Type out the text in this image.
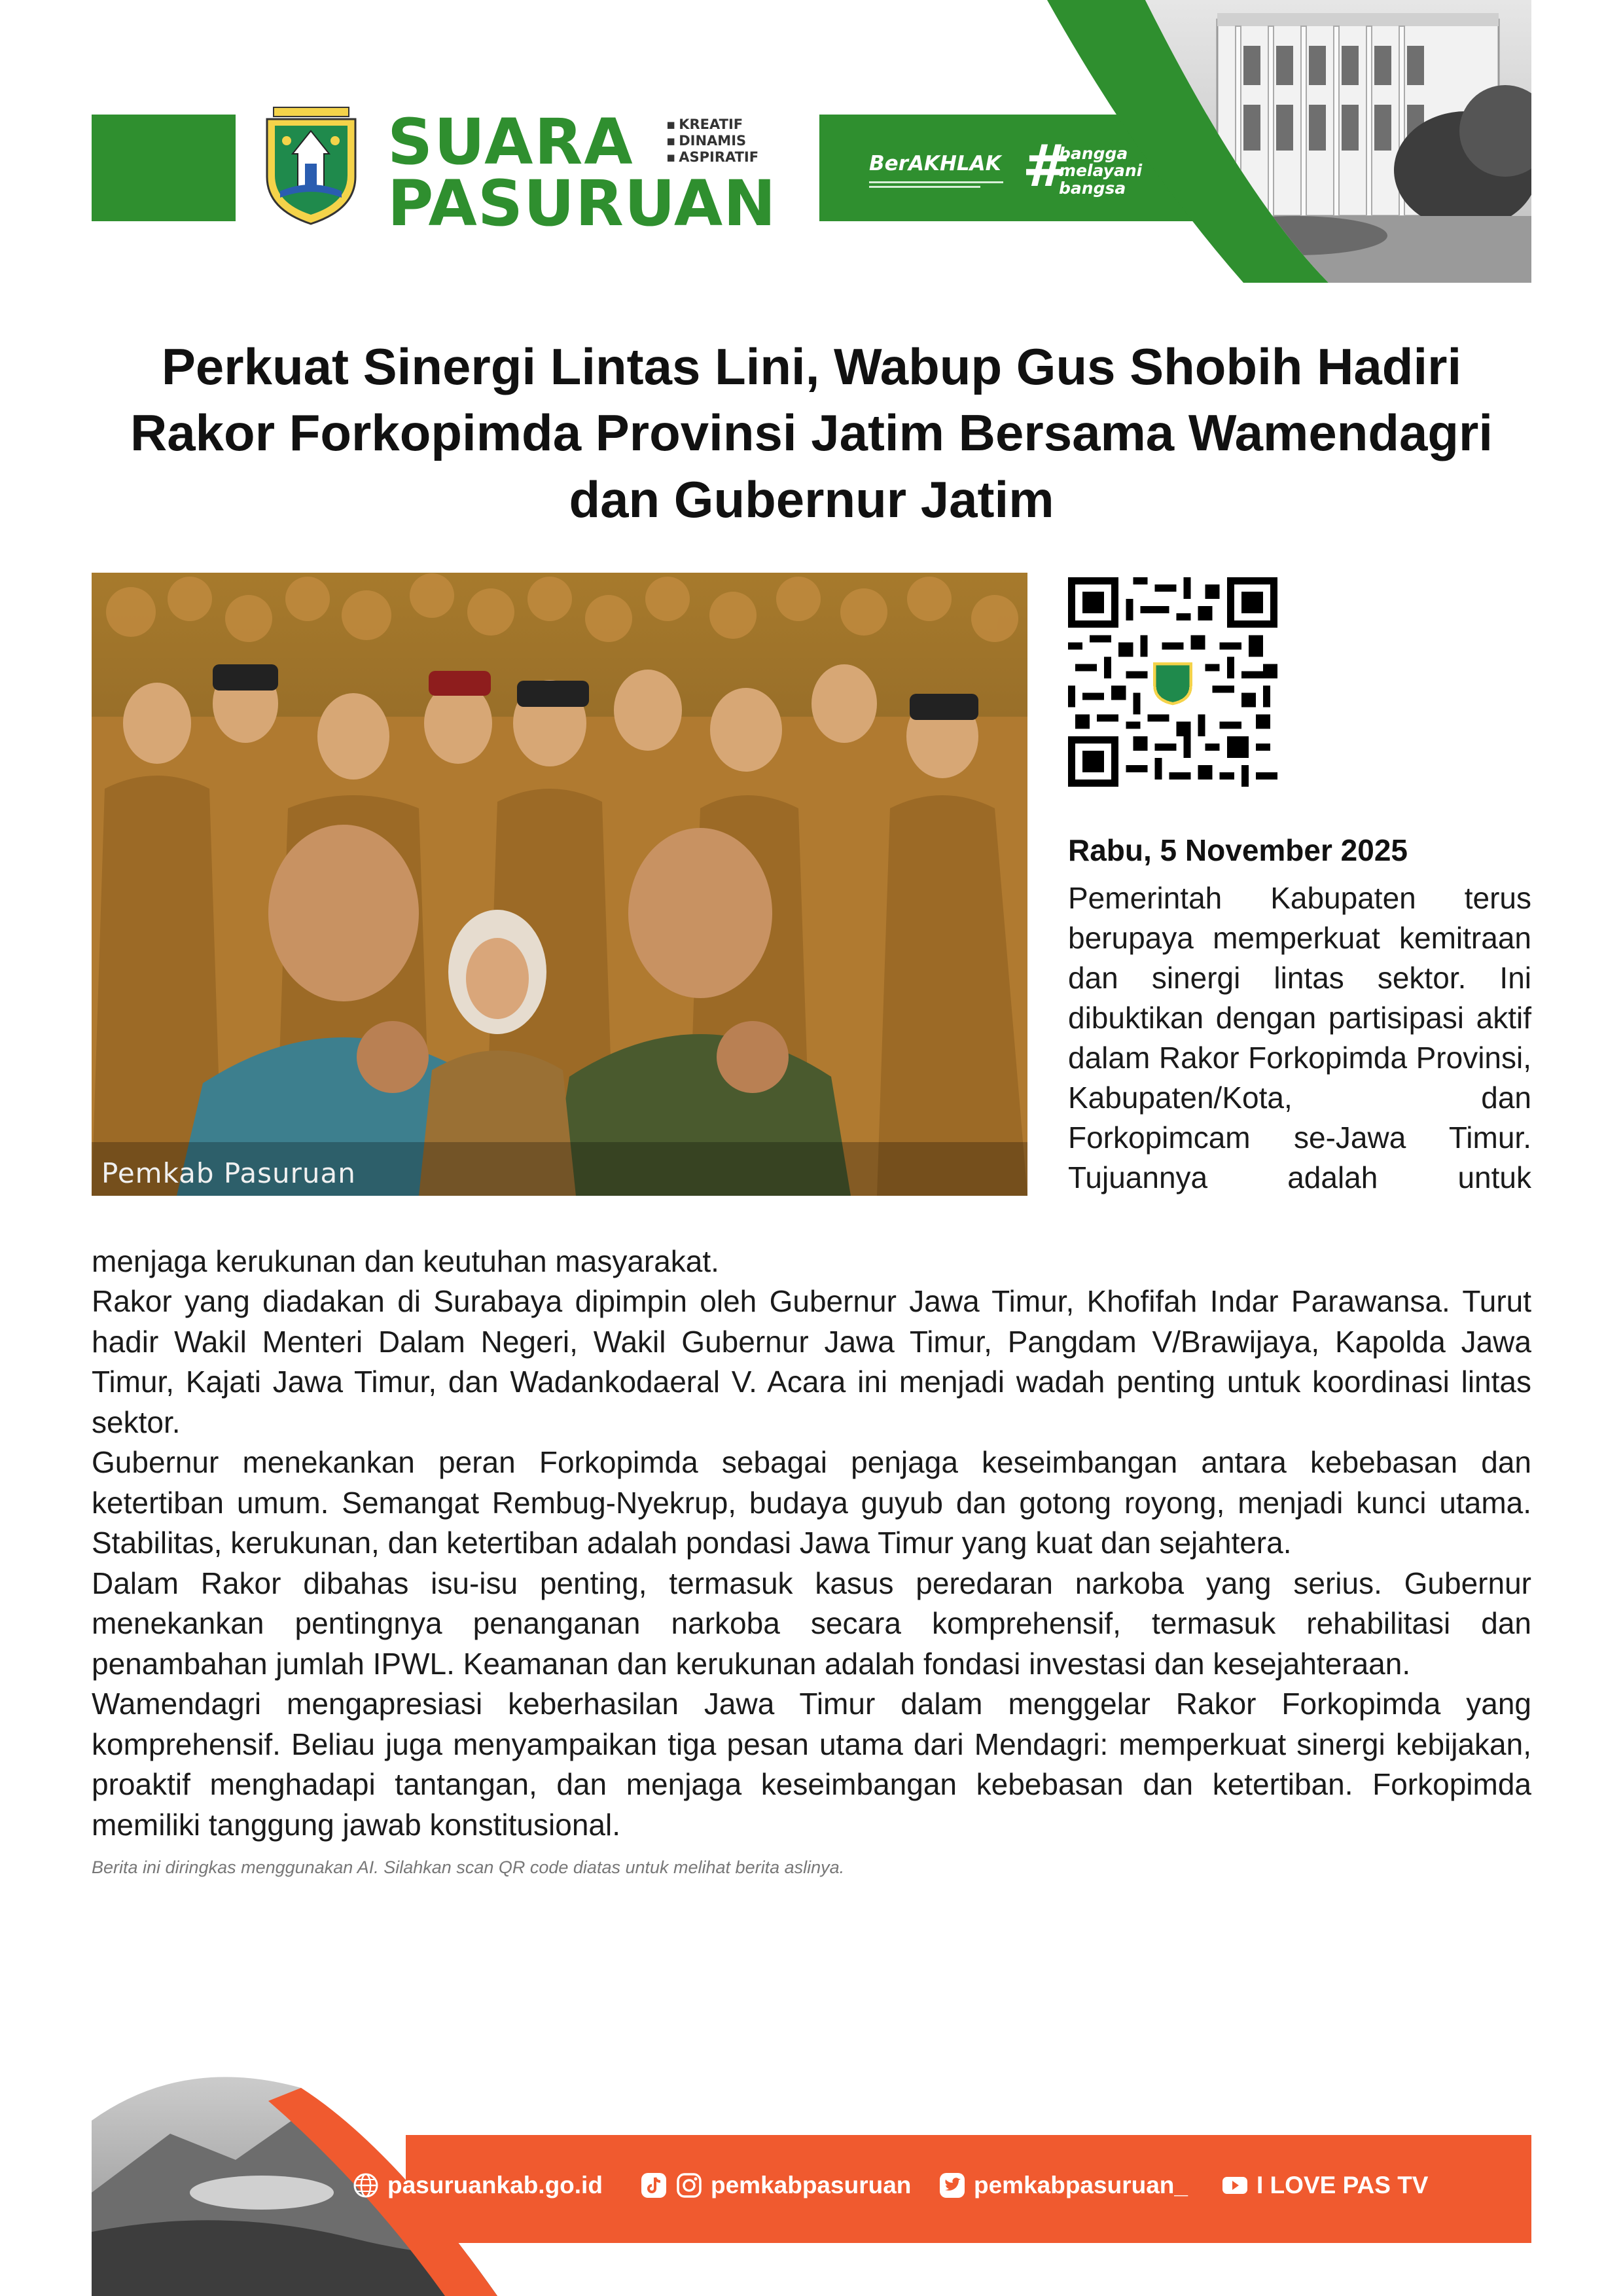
SUARA
PASURUAN
▪ KREATIF
▪ DINAMIS
▪ ASPIRATIF	BerAKHLAK #
bangga
melayani
bangsa
Perkuat Sinergi Lintas Lini, Wabup Gus Shobih Hadiri Rakor Forkopimda Provinsi Jatim Bersama Wamendagri dan Gubernur Jatim
Pemkab Pasuruan
Rabu, 5 November 2025
Pemerintah Kabupaten terus berupaya memperkuat kemitraan dan sinergi lintas sektor. Ini dibuktikan dengan partisipasi aktif dalam Rakor Forkopimda Provinsi, Kabupaten/Kota, dan Forkopimcam se-Jawa Timur. Tujuannya adalah untuk
menjaga kerukunan dan keutuhan masyarakat.

Rakor yang diadakan di Surabaya dipimpin oleh Gubernur Jawa Timur, Khofifah Indar Parawansa. Turut hadir Wakil Menteri Dalam Negeri, Wakil Gubernur Jawa Timur, Pangdam V/Brawijaya, Kapolda Jawa Timur, Kajati Jawa Timur, dan Wadankodaeral V. Acara ini menjadi wadah penting untuk koordinasi lintas sektor.

Gubernur menekankan peran Forkopimda sebagai penjaga keseimbangan antara kebebasan dan ketertiban umum. Semangat Rembug-Nyekrup, budaya guyub dan gotong royong, menjadi kunci utama. Stabilitas, kerukunan, dan ketertiban adalah pondasi Jawa Timur yang kuat dan sejahtera.

Dalam Rakor dibahas isu-isu penting, termasuk kasus peredaran narkoba yang serius. Gubernur menekankan pentingnya penanganan narkoba secara komprehensif, termasuk rehabilitasi dan penambahan jumlah IPWL. Keamanan dan kerukunan adalah fondasi investasi dan kesejahteraan.

Wamendagri mengapresiasi keberhasilan Jawa Timur dalam menggelar Rakor Forkopimda yang komprehensif. Beliau juga menyampaikan tiga pesan utama dari Mendagri: memperkuat sinergi kebijakan, proaktif menghadapi tantangan, dan menjaga keseimbangan kebebasan dan ketertiban. Forkopimda memiliki tanggung jawab konstitusional.

Berita ini diringkas menggunakan AI. Silahkan scan QR code diatas untuk melihat berita aslinya.
pasuruankab.go.id	pemkabpasuruan	pemkabpasuruan_	I LOVE PAS TV
